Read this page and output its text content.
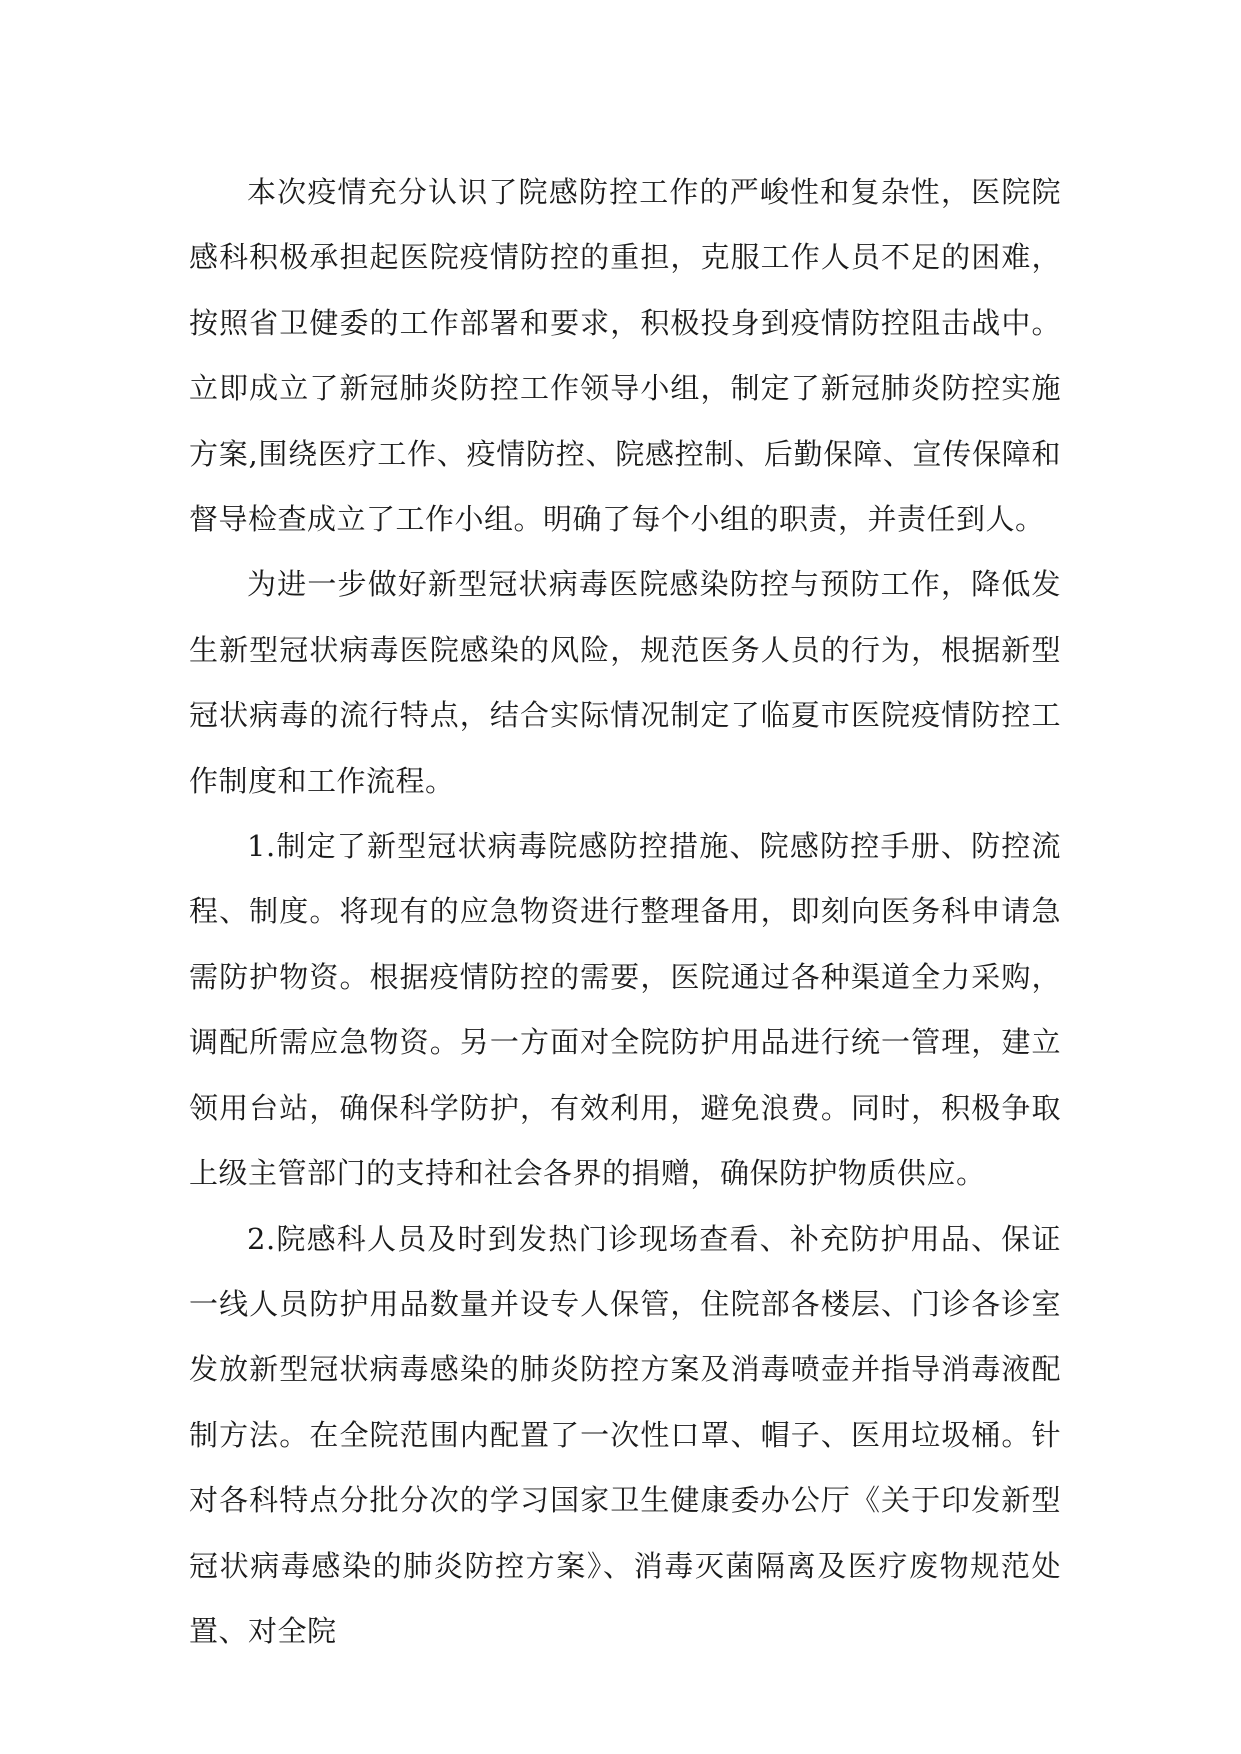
本次疫情充分认识了院感防控工作的严峻性和复杂性，医院院感科积极承担起医院疫情防控的重担，克服工作人员不足的困难，按照省卫健委的工作部署和要求，积极投身到疫情防控阻击战中。立即成立了新冠肺炎防控工作领导小组，制定了新冠肺炎防控实施方案,围绕医疗工作、疫情防控、院感控制、后勤保障、宣传保障和督导检查成立了工作小组。明确了每个小组的职责，并责任到人。

为进一步做好新型冠状病毒医院感染防控与预防工作，降低发生新型冠状病毒医院感染的风险，规范医务人员的行为，根据新型冠状病毒的流行特点，结合实际情况制定了临夏市医院疫情防控工作制度和工作流程。

1.制定了新型冠状病毒院感防控措施、院感防控手册、防控流程、制度。将现有的应急物资进行整理备用，即刻向医务科申请急需防护物资。根据疫情防控的需要，医院通过各种渠道全力采购，调配所需应急物资。另一方面对全院防护用品进行统一管理，建立领用台站，确保科学防护，有效利用，避免浪费。同时，积极争取上级主管部门的支持和社会各界的捐赠，确保防护物质供应。

2.院感科人员及时到发热门诊现场查看、补充防护用品、保证一线人员防护用品数量并设专人保管，住院部各楼层、门诊各诊室发放新型冠状病毒感染的肺炎防控方案及消毒喷壶并指导消毒液配制方法。在全院范围内配置了一次性口罩、帽子、医用垃圾桶。针对各科特点分批分次的学习国家卫生健康委办公厅《关于印发新型冠状病毒感染的肺炎防控方案》、消毒灭菌隔离及医疗废物规范处置、对全院
